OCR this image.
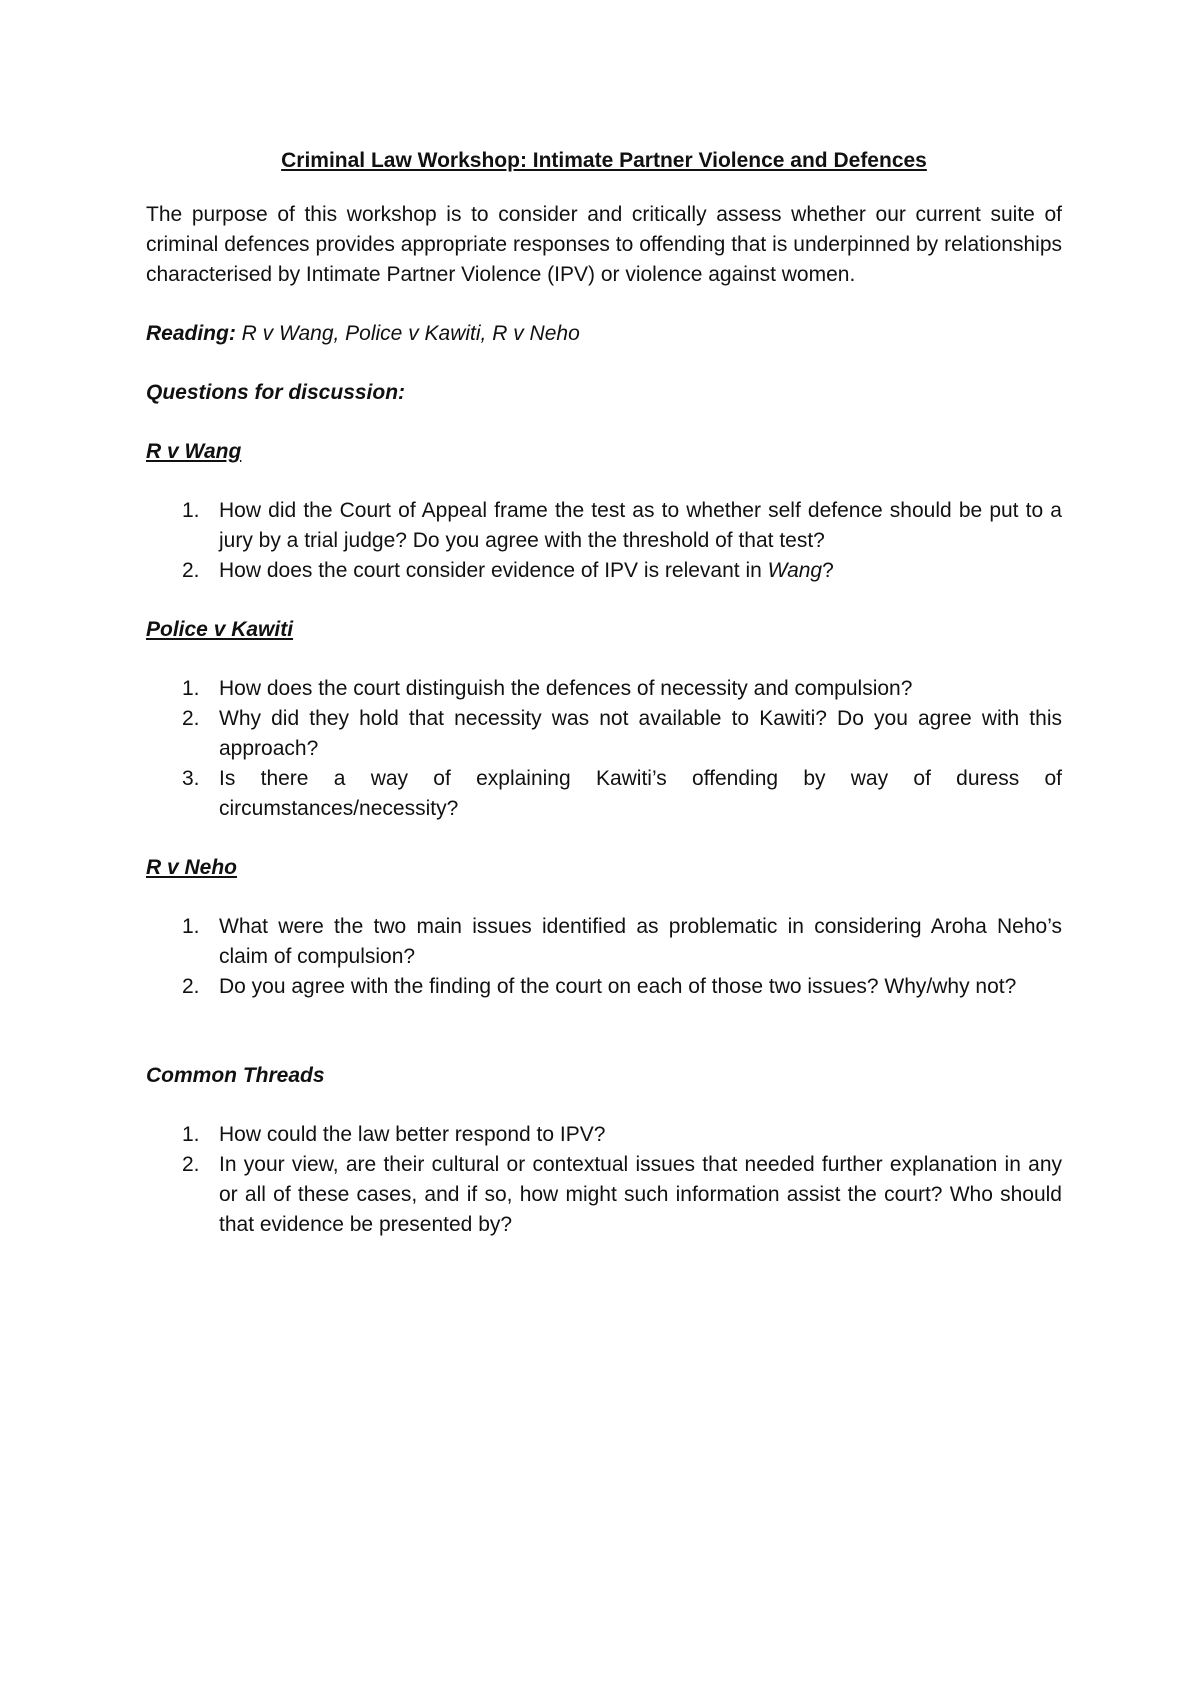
Criminal Law Workshop: Intimate Partner Violence and Defences
The purpose of this workshop is to consider and critically assess whether our current suite of criminal defences provides appropriate responses to offending that is underpinned by relationships characterised by Intimate Partner Violence (IPV) or violence against women.
Reading: R v Wang, Police v Kawiti, R v Neho
Questions for discussion:
R v Wang
1. How did the Court of Appeal frame the test as to whether self defence should be put to a jury by a trial judge? Do you agree with the threshold of that test?
2. How does the court consider evidence of IPV is relevant in Wang?
Police v Kawiti
1. How does the court distinguish the defences of necessity and compulsion?
2. Why did they hold that necessity was not available to Kawiti? Do you agree with this approach?
3. Is there a way of explaining Kawiti’s offending by way of duress of circumstances/necessity?
R v Neho
1. What were the two main issues identified as problematic in considering Aroha Neho’s claim of compulsion?
2. Do you agree with the finding of the court on each of those two issues? Why/why not?
Common Threads
1. How could the law better respond to IPV?
2. In your view, are their cultural or contextual issues that needed further explanation in any or all of these cases, and if so, how might such information assist the court? Who should that evidence be presented by?
